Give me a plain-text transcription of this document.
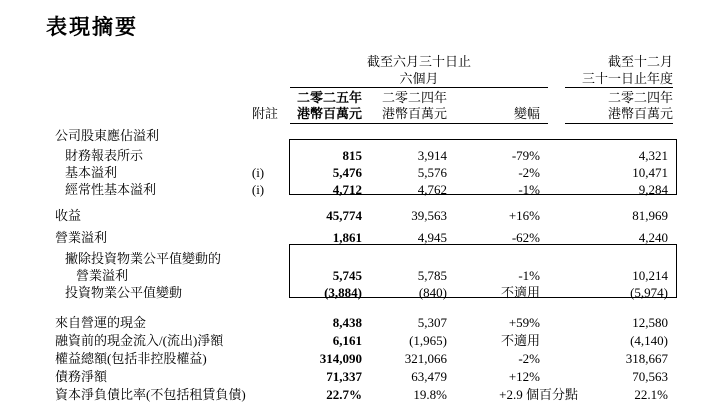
表現摘要
截至六月三十日止
六個月
截至十二月
三十一日止年度
二零二五年	二零二四年	二零二四年
附註	港幣百萬元	港幣百萬元	變幅	港幣百萬元
公司股東應佔溢利
財務報表所示	815	3,914	-79%	4,321
基本溢利	(i)	5,476	5,576	-2%	10,471
經常性基本溢利	(i)	4,712	4,762	-1%	9,284
收益	45,774	39,563	+16%	81,969
營業溢利	1,861	4,945	-62%	4,240
撇除投資物業公平值變動的
營業溢利	5,745	5,785	-1%	10,214
投資物業公平值變動	(3,884)	(840)	不適用	(5,974)
來自營運的現金	8,438	5,307	+59%	12,580
融資前的現金流入/(流出)淨額	6,161	(1,965)	不適用	(4,140)
權益總額(包括非控股權益)	314,090	321,066	-2%	318,667
債務淨額	71,337	63,479	+12%	70,563
資本淨負債比率(不包括租賃負債)	22.7%	19.8%	+2.9 個百分點	22.1%
